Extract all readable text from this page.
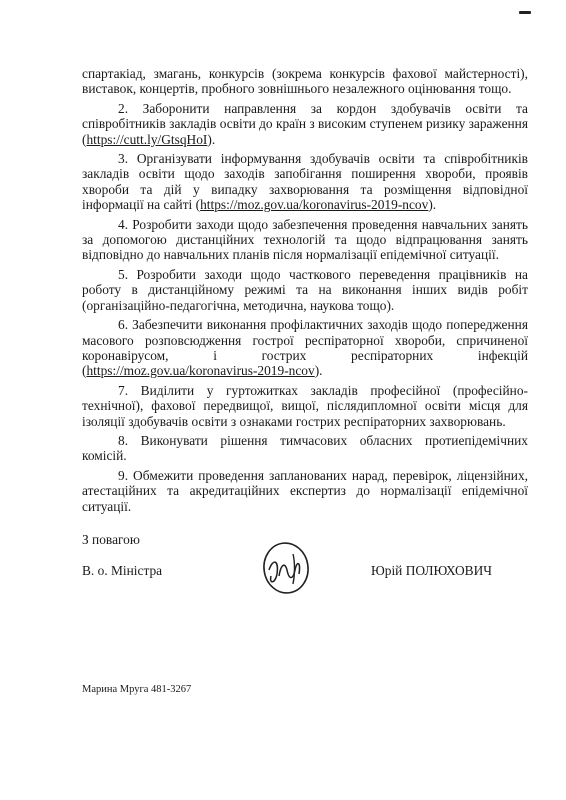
спартакіад, змагань, конкурсів (зокрема конкурсів фахової майстерності), виставок, концертів, пробного зовнішнього незалежного оцінювання тощо.

2. Заборонити направлення за кордон здобувачів освіти та співробітників закладів освіти до країн з високим ступенем ризику зараження (https://cutt.ly/GtsqHoI).

3. Організувати інформування здобувачів освіти та співробітників закладів освіти щодо заходів запобігання поширення хвороби, проявів хвороби та дій у випадку захворювання та розміщення відповідної інформації на сайті (https://moz.gov.ua/koronavirus-2019-ncov).

4. Розробити заходи щодо забезпечення проведення навчальних занять за допомогою дистанційних технологій та щодо відпрацювання занять відповідно до навчальних планів після нормалізації епідемічної ситуації.

5. Розробити заходи щодо часткового переведення працівників на роботу в дистанційному режимі та на виконання інших видів робіт (організаційно-педагогічна, методична, наукова тощо).

6. Забезпечити виконання профілактичних заходів щодо попередження масового розповсюдження гострої респіраторної хвороби, спричиненої коронавірусом, і гострих респіраторних інфекцій (https://moz.gov.ua/koronavirus-2019-ncov).

7. Виділити у гуртожитках закладів професійної (професійно-технічної), фахової передвищої, вищої, післядипломної освіти місця для ізоляції здобувачів освіти з ознаками гострих респіраторних захворювань.

8. Виконувати рішення тимчасових обласних протиепідемічних комісій.

9. Обмежити проведення запланованих нарад, перевірок, ліцензійних, атестаційних та акредитаційних експертиз до нормалізації епідемічної ситуації.

З повагою
В. о. Міністра	Юрій ПОЛЮХОВИЧ
Марина Мруга 481-3267
